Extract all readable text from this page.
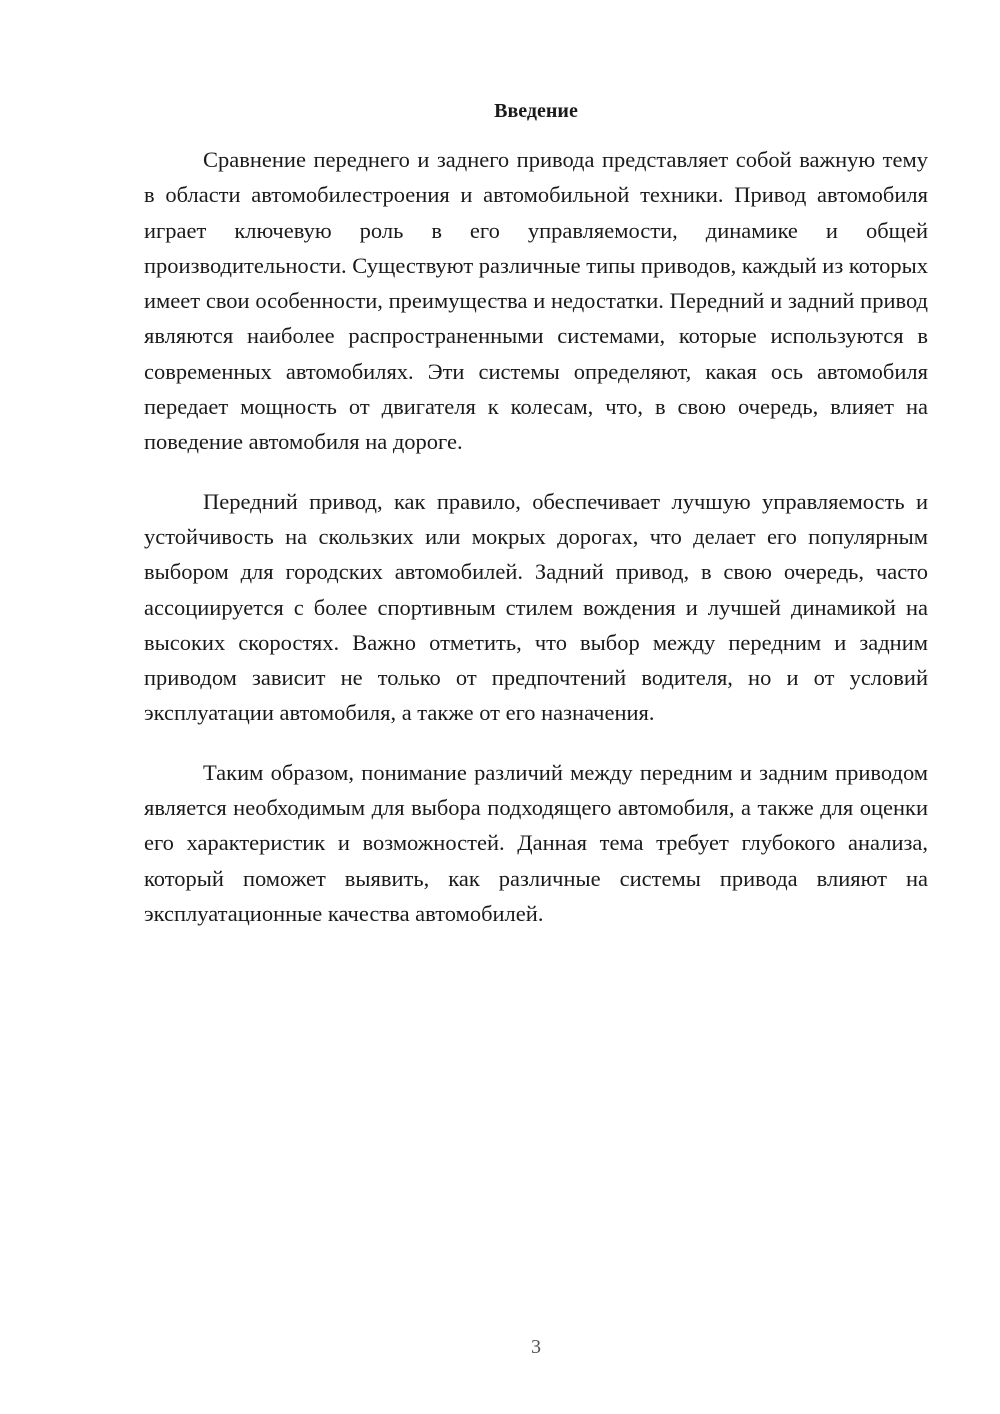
Введение

Сравнение переднего и заднего привода представляет собой важную тему в области автомобилестроения и автомобильной техники. Привод автомобиля играет ключевую роль в его управляемости, динамике и общей производительности. Существуют различные типы приводов, каждый из которых имеет свои особенности, преимущества и недостатки. Передний и задний привод являются наиболее распространенными системами, которые используются в современных автомобилях. Эти системы определяют, какая ось автомобиля передает мощность от двигателя к колесам, что, в свою очередь, влияет на поведение автомобиля на дороге.

Передний привод, как правило, обеспечивает лучшую управляемость и устойчивость на скользких или мокрых дорогах, что делает его популярным выбором для городских автомобилей. Задний привод, в свою очередь, часто ассоциируется с более спортивным стилем вождения и лучшей динамикой на высоких скоростях. Важно отметить, что выбор между передним и задним приводом зависит не только от предпочтений водителя, но и от условий эксплуатации автомобиля, а также от его назначения.

Таким образом, понимание различий между передним и задним приводом является необходимым для выбора подходящего автомобиля, а также для оценки его характеристик и возможностей. Данная тема требует глубокого анализа, который поможет выявить, как различные системы привода влияют на эксплуатационные качества автомобилей.

3
